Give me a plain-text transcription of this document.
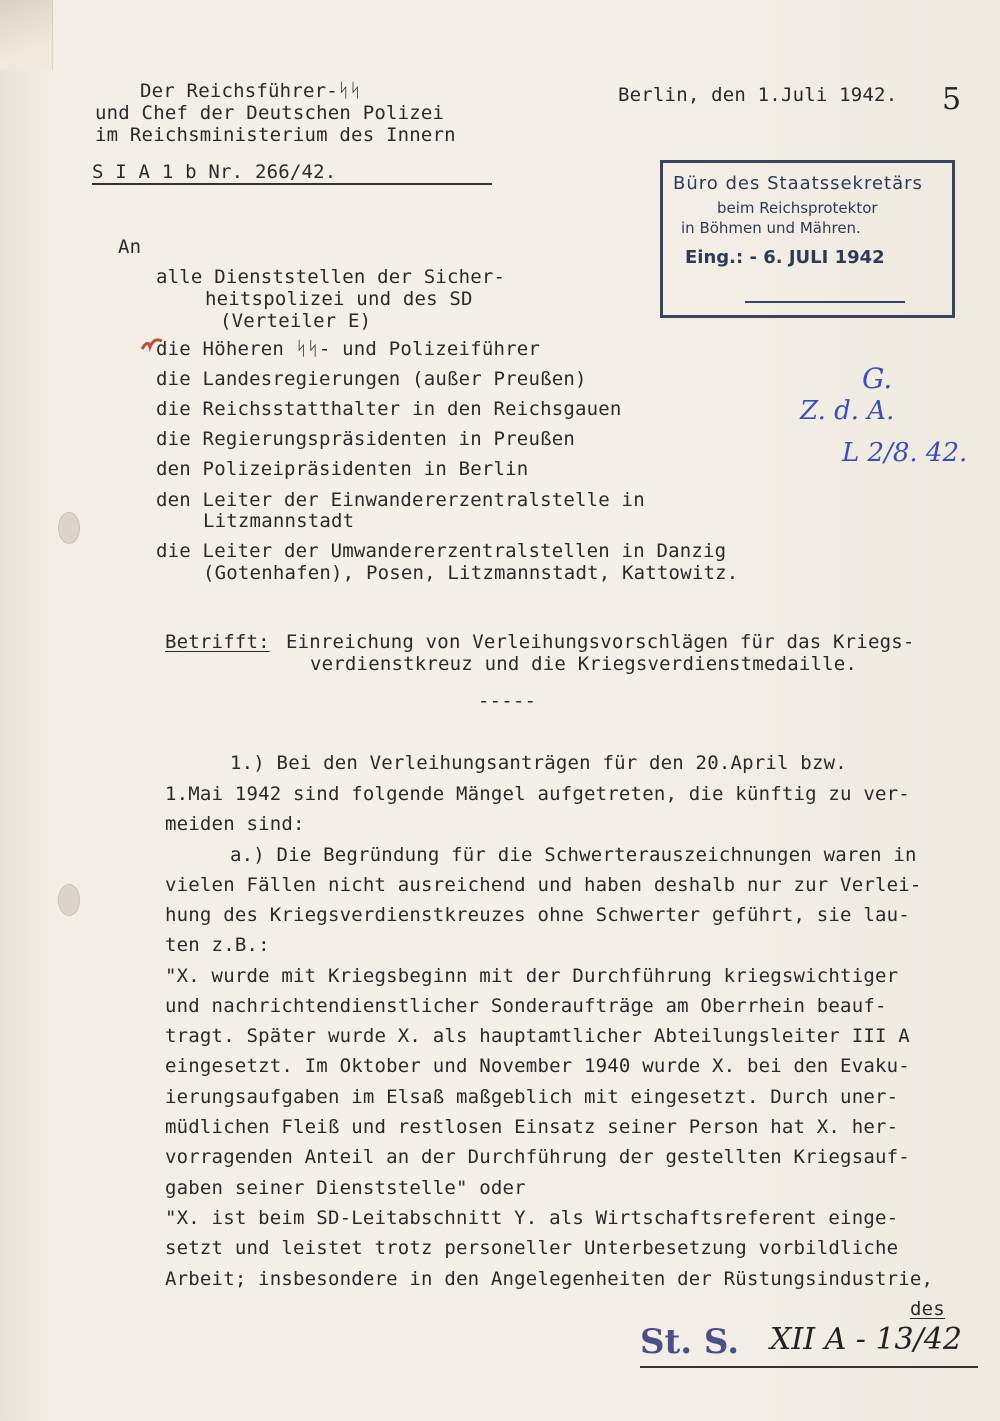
Der Reichsführer-ᛋᛋ
und Chef der Deutschen Polizei
im Reichsministerium des Innern
Berlin, den 1.Juli 1942. 5
S I A 1 b Nr. 266/42.
Büro des Staatssekretärs
beim Reichsprotektor
in Böhmen und Mähren.
Eing.: - 6. JULI 1942
G.
Z. d. A.
L 2/8. 42.
An
alle Dienststellen der Sicher-
heitspolizei und des SD
(Verteiler E)
die Höheren ᛋᛋ- und Polizeiführer
die Landesregierungen (außer Preußen)
die Reichsstatthalter in den Reichsgauen
die Regierungspräsidenten in Preußen
den Polizeipräsidenten in Berlin
den Leiter der Einwandererzentralstelle in
Litzmannstadt
die Leiter der Umwandererzentralstellen in Danzig
(Gotenhafen), Posen, Litzmannstadt, Kattowitz.
Betrifft: Einreichung von Verleihungsvorschlägen für das Kriegs-
verdienstkreuz und die Kriegsverdienstmedaille.
-----
1.) Bei den Verleihungsanträgen für den 20.April bzw.
1.Mai 1942 sind folgende Mängel aufgetreten, die künftig zu ver-
meiden sind:
a.) Die Begründung für die Schwerterauszeichnungen waren in
vielen Fällen nicht ausreichend und haben deshalb nur zur Verlei-
hung des Kriegsverdienstkreuzes ohne Schwerter geführt, sie lau-
ten z.B.:
"X. wurde mit Kriegsbeginn mit der Durchführung kriegswichtiger
und nachrichtendienstlicher Sonderaufträge am Oberrhein beauf-
tragt. Später wurde X. als hauptamtlicher Abteilungsleiter III A
eingesetzt. Im Oktober und November 1940 wurde X. bei den Evaku-
ierungsaufgaben im Elsaß maßgeblich mit eingesetzt. Durch uner-
müdlichen Fleiß und restlosen Einsatz seiner Person hat X. her-
vorragenden Anteil an der Durchführung der gestellten Kriegsauf-
gaben seiner Dienststelle" oder
"X. ist beim SD-Leitabschnitt Y. als Wirtschaftsreferent einge-
setzt und leistet trotz personeller Unterbesetzung vorbildliche
Arbeit; insbesondere in den Angelegenheiten der Rüstungsindustrie,
des
St. S. XII A - 13/42
